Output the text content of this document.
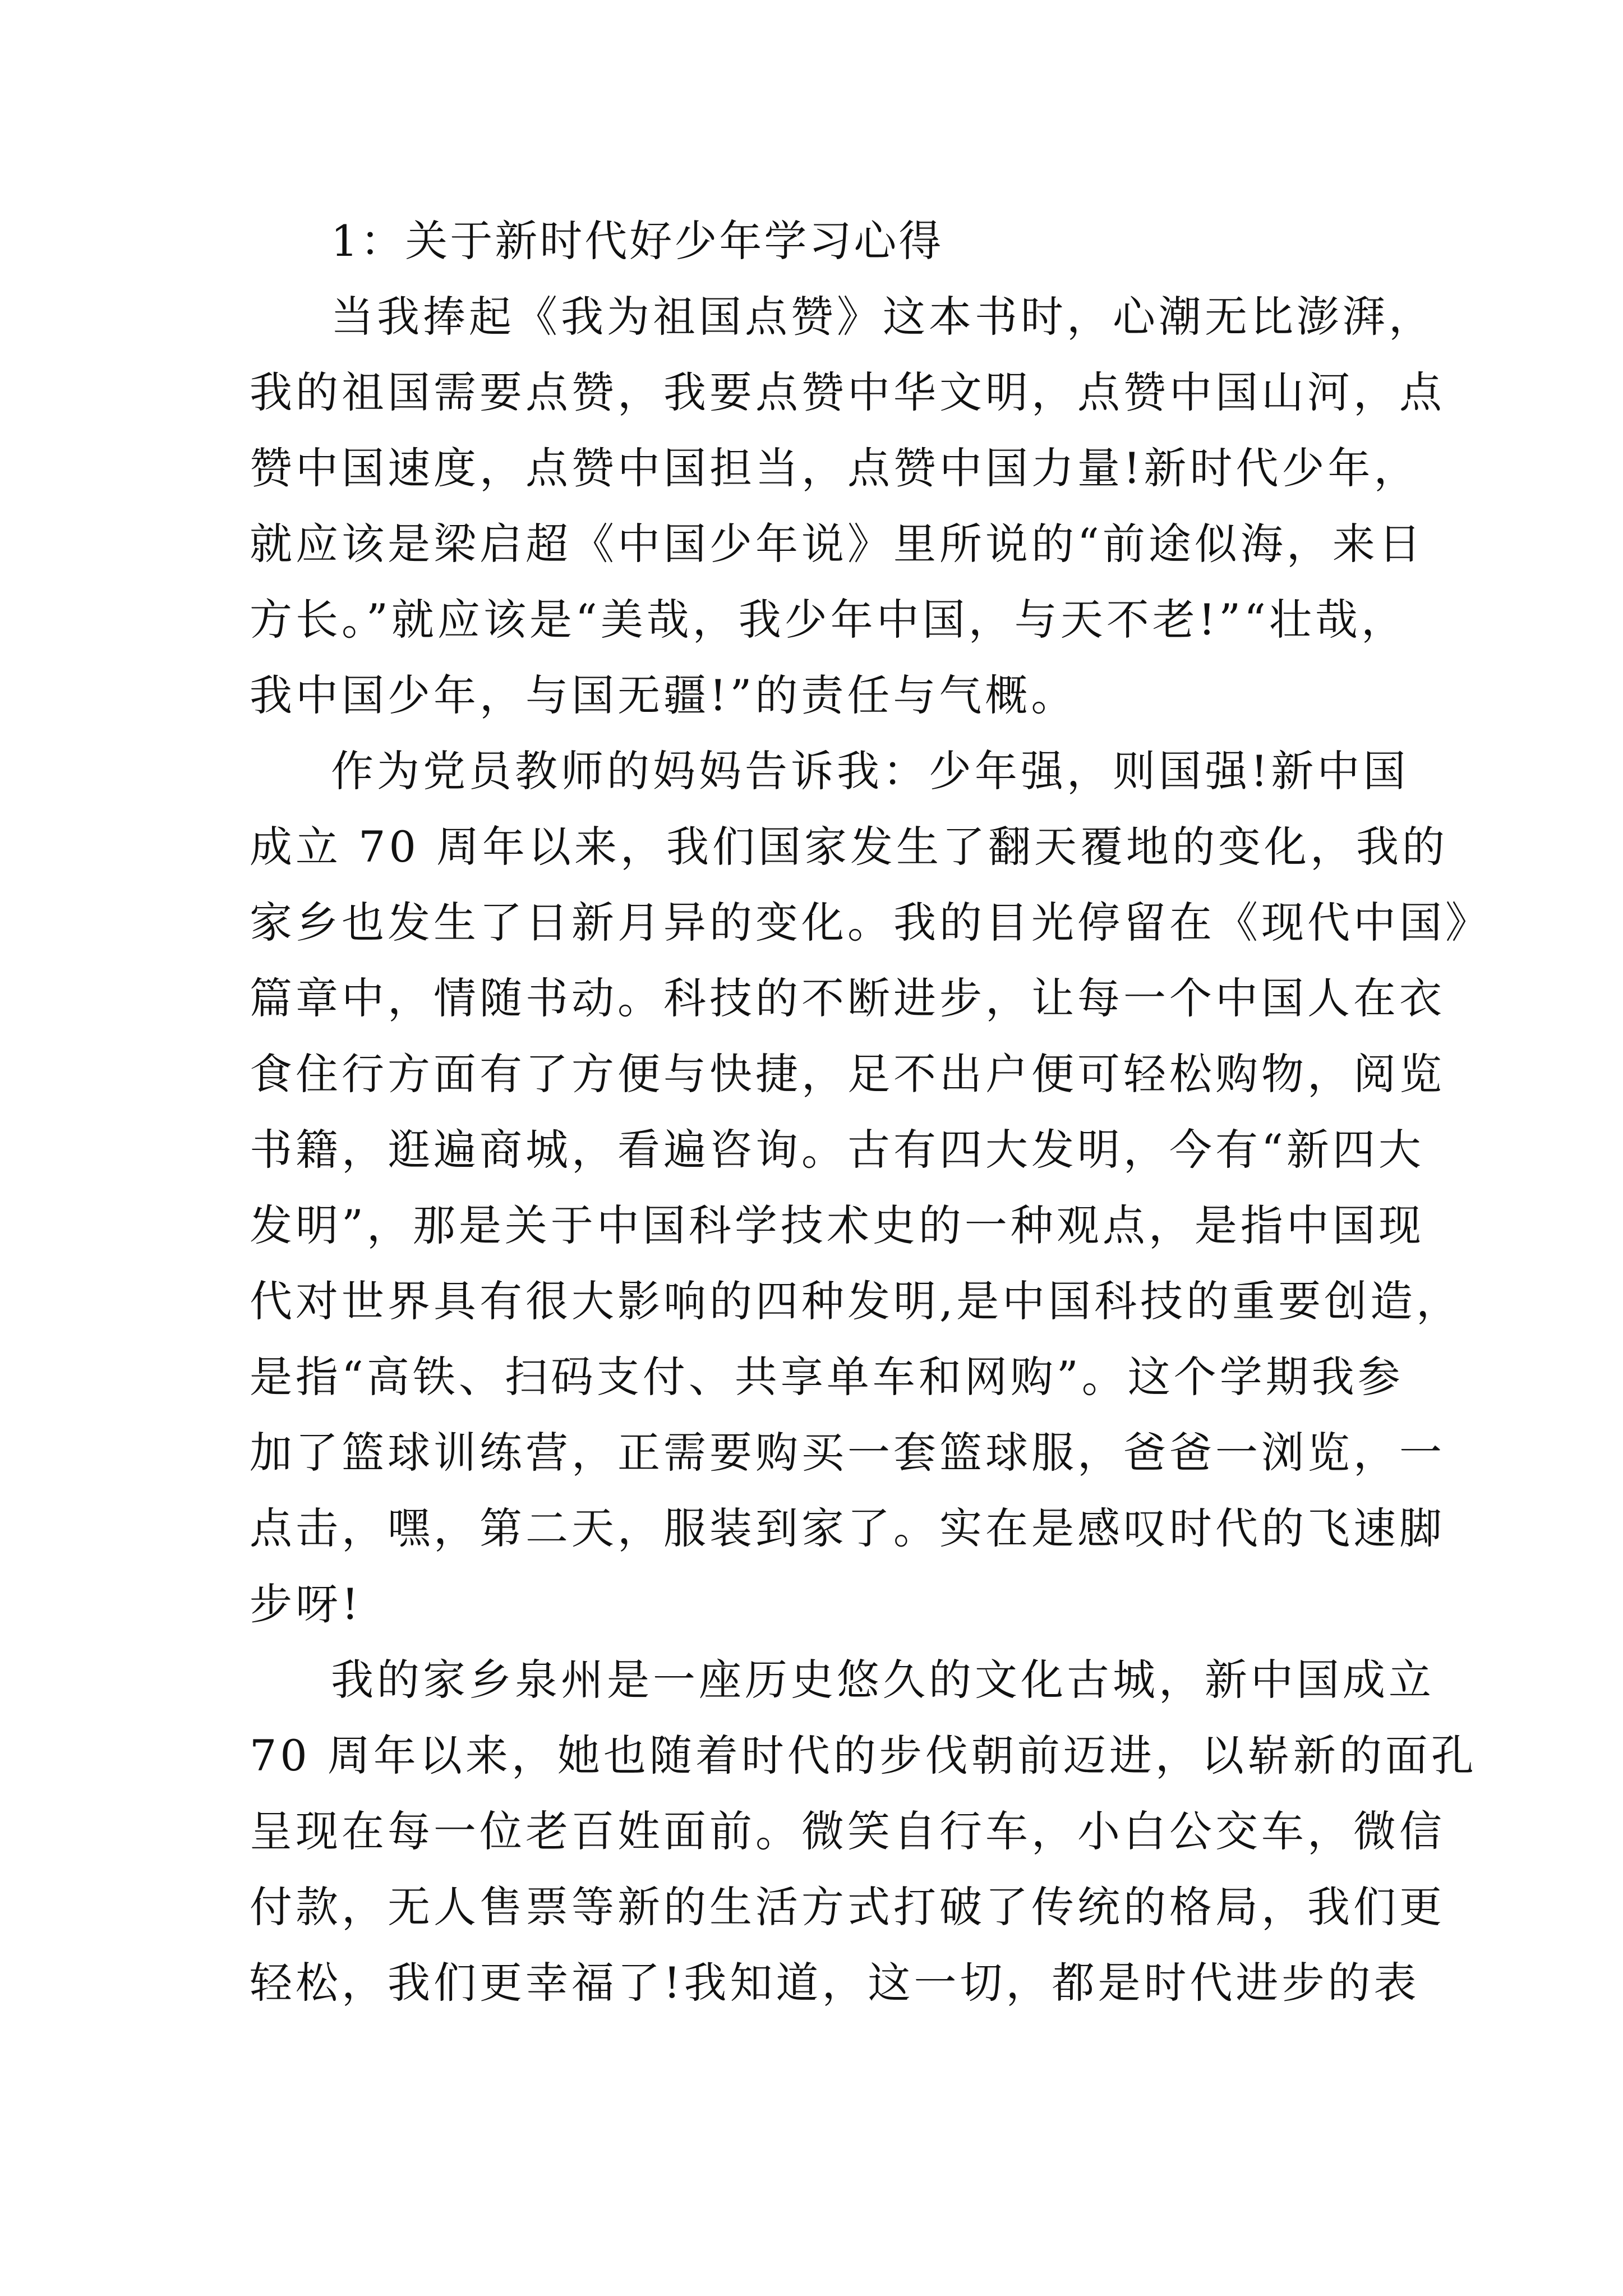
1：关于新时代好少年学习心得

当我捧起《我为祖国点赞》这本书时，心潮无比澎湃，

我的祖国需要点赞，我要点赞中华文明，点赞中国山河，点

赞中国速度，点赞中国担当，点赞中国力量!新时代少年，

就应该是梁启超《中国少年说》里所说的“前途似海，来日

方长。”就应该是“美哉，我少年中国，与天不老!”“壮哉，

我中国少年，与国无疆!”的责任与气概。

作为党员教师的妈妈告诉我：少年强，则国强!新中国

成立 70 周年以来，我们国家发生了翻天覆地的变化，我的

家乡也发生了日新月异的变化。我的目光停留在《现代中国》

篇章中，情随书动。科技的不断进步，让每一个中国人在衣

食住行方面有了方便与快捷，足不出户便可轻松购物，阅览

书籍，逛遍商城，看遍咨询。古有四大发明，今有“新四大

发明”，那是关于中国科学技术史的一种观点，是指中国现

代对世界具有很大影响的四种发明,是中国科技的重要创造，

是指“高铁、扫码支付、共享单车和网购”。这个学期我参

加了篮球训练营，正需要购买一套篮球服，爸爸一浏览，一

点击，嘿，第二天，服装到家了。实在是感叹时代的飞速脚

步呀!

我的家乡泉州是一座历史悠久的文化古城，新中国成立

70 周年以来，她也随着时代的步伐朝前迈进，以崭新的面孔

呈现在每一位老百姓面前。微笑自行车，小白公交车，微信

付款，无人售票等新的生活方式打破了传统的格局，我们更

轻松，我们更幸福了!我知道，这一切，都是时代进步的表
